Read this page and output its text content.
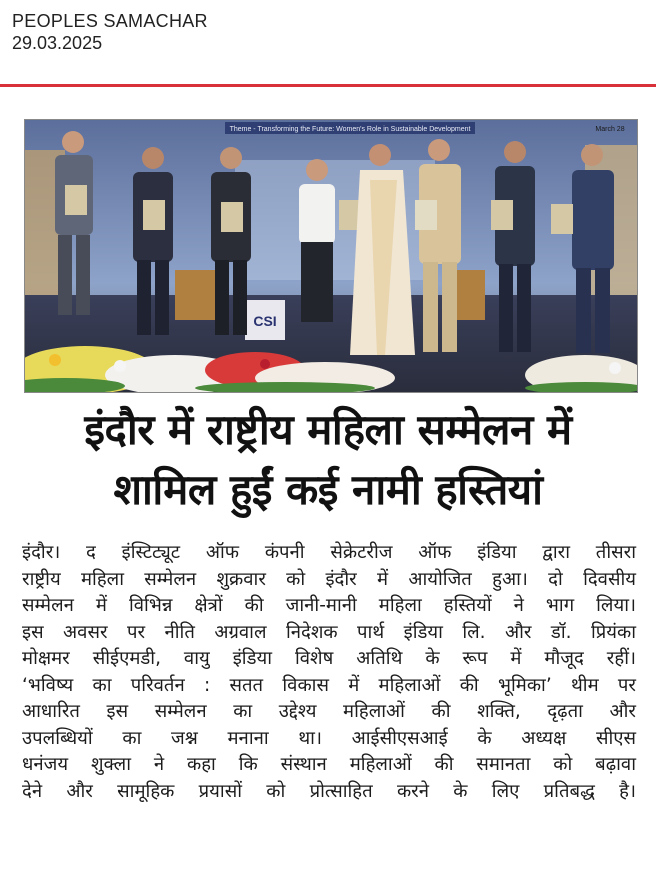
PEOPLES SAMACHAR
29.03.2025
Theme - Transforming the Future: Women's Role in Sustainable Development	March 28
CSI
इंदौर में राष्ट्रीय महिला सम्मेलन में
शामिल हुईं कई नामी हस्तियां
इंदौर। द इंस्टिट्यूट ऑफ कंपनी सेक्रेटरीज ऑफ इंडिया द्वारा तीसरा
राष्ट्रीय महिला सम्मेलन शुक्रवार को इंदौर में आयोजित हुआ। दो दिवसीय
सम्मेलन में विभिन्न क्षेत्रों की जानी-मानी महिला हस्तियों ने भाग लिया।
इस अवसर पर नीति अग्रवाल निदेशक पार्थ इंडिया लि. और डॉ. प्रियंका
मोक्षमर सीईएमडी, वायु इंडिया विशेष अतिथि के रूप में मौजूद रहीं।
‘भविष्य का परिवर्तन : सतत विकास में महिलाओं की भूमिका’ थीम पर
आधारित इस सम्मेलन का उद्देश्य महिलाओं की शक्ति, दृढ़ता और
उपलब्धियों का जश्न मनाना था। आईसीएसआई के अध्यक्ष सीएस
धनंजय शुक्ला ने कहा कि संस्थान महिलाओं की समानता को बढ़ावा
देने और सामूहिक प्रयासों को प्रोत्साहित करने के लिए प्रतिबद्ध है।
